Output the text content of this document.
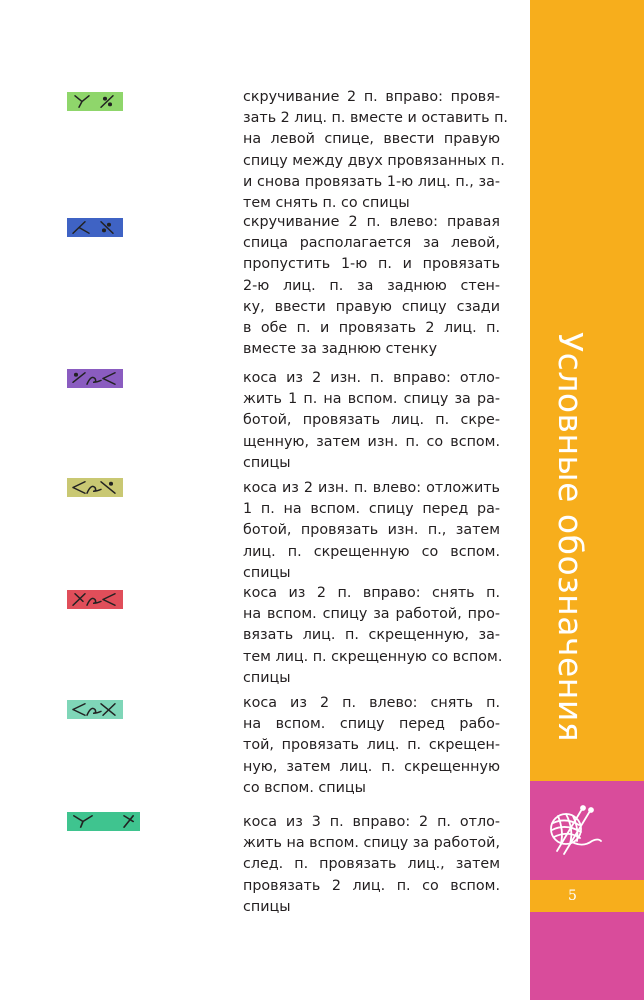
скручивание 2 п. вправо: провя-
зать 2 лиц. п. вместе и оставить п.
на левой спице, ввести правую
спицу между двух провязанных п.
и снова провязать 1-ю лиц. п., за-
тем снять п. со спицы
скручивание 2 п. влево: правая
спица располагается за левой,
пропустить 1-ю п. и провязать
2-ю лиц. п. за заднюю стен-
ку, ввести правую спицу сзади
в обе п. и провязать 2 лиц. п.
вместе за заднюю стенку
коса из 2 изн. п. вправо: отло-
жить 1 п. на вспом. спицу за ра-
ботой, провязать лиц. п. скре-
щенную, затем изн. п. со вспом.
спицы
коса из 2 изн. п. влево: отложить
1 п. на вспом. спицу перед ра-
ботой, провязать изн. п., затем
лиц. п. скрещенную со вспом.
спицы
коса из 2 п. вправо: снять п.
на вспом. спицу за работой, про-
вязать лиц. п. скрещенную, за-
тем лиц. п. скрещенную со вспом.
спицы
коса из 2 п. влево: снять п.
на вспом. спицу перед рабо-
той, провязать лиц. п. скрещен-
ную, затем лиц. п. скрещенную
со вспом. спицы
коса из 3 п. вправо: 2 п. отло-
жить на вспом. спицу за работой,
след. п. провязать лиц., затем
провязать 2 лиц. п. со вспом.
спицы
Условные обозначения
5
